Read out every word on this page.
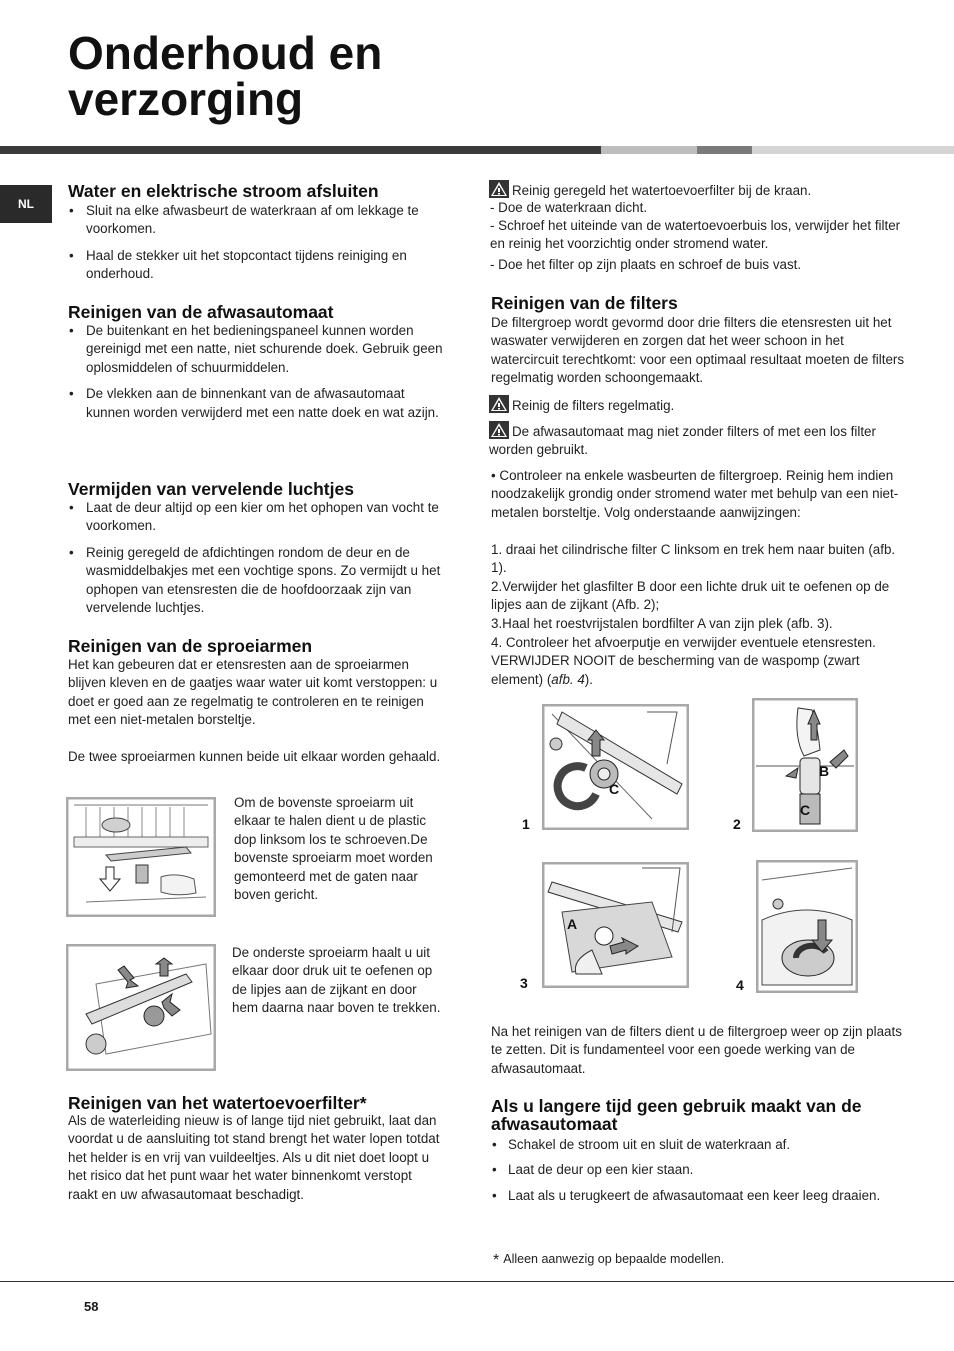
Onderhoud en verzorging
NL
Water en elektrische stroom afsluiten
• Sluit na elke afwasbeurt de waterkraan af om lekkage te voorkomen.
• Haal de stekker uit het stopcontact tijdens reiniging en onderhoud.
Reinigen van de afwasautomaat
• De buitenkant en het bedieningspaneel kunnen worden gereinigd met een natte, niet schurende doek. Gebruik geen oplosmiddelen of schuurmiddelen.
• De vlekken aan de binnenkant van de afwasautomaat kunnen worden verwijderd met een natte doek en wat azijn.
Vermijden van vervelende luchtjes
• Laat de deur altijd op een kier om het ophopen van vocht te voorkomen.
• Reinig geregeld de afdichtingen rondom de deur en de wasmiddelbakjes met een vochtige spons. Zo vermijdt u het ophopen van etensresten die de hoofdoorzaak zijn van vervelende luchtjes.
Reinigen van de sproeiarmen
Het kan gebeuren dat er etensresten aan de sproeiarmen blijven kleven en de gaatjes waar water uit komt verstoppen: u doet er goed aan ze regelmatig te controleren en te reinigen met een niet-metalen borsteltje.
De twee sproeiarmen kunnen beide uit elkaar worden gehaald.
Om de bovenste sproeiarm uit elkaar te halen dient u de plastic dop linksom los te schroeven.De bovenste sproeiarm moet worden gemonteerd met de gaten naar boven gericht.
De onderste sproeiarm haalt u uit elkaar door druk uit te oefenen op de lipjes aan de zijkant en door hem daarna naar boven te trekken.
Reinigen van het watertoevoerfilter*
Als de waterleiding nieuw is of lange tijd niet gebruikt, laat dan voordat u de aansluiting tot stand brengt het water lopen totdat het helder is en vrij van vuildeeltjes. Als u dit niet doet loopt u het risico dat het punt waar het water binnenkomt verstopt raakt en uw afwasautomaat beschadigt.
Reinig geregeld het watertoevoerfilter bij de kraan.
- Doe de waterkraan dicht.
- Schroef het uiteinde van de watertoevoerbuis los, verwijder het filter en reinig het voorzichtig onder stromend water.
- Doe het filter op zijn plaats en schroef de buis vast.
Reinigen van de filters
De filtergroep wordt gevormd door drie filters die etensresten uit het waswater verwijderen en zorgen dat het weer schoon in het watercircuit terechtkomt: voor een optimaal resultaat moeten de filters regelmatig worden schoongemaakt.
Reinig de filters regelmatig.
De afwasautomaat mag niet zonder filters of met een los filter worden gebruikt.
• Controleer na enkele wasbeurten de filtergroep. Reinig hem indien noodzakelijk grondig onder stromend water met behulp van een niet-metalen borsteltje. Volg onderstaande aanwijzingen:
1. draai het cilindrische filter C linksom en trek hem naar buiten (afb. 1).
2.Verwijder het glasfilter B door een lichte druk uit te oefenen op de lipjes aan de zijkant (Afb. 2);
3.Haal het roestvrijstalen bordfilter A van zijn plek (afb. 3).
4. Controleer het afvoerputje en verwijder eventuele etensresten. VERWIJDER NOOIT de bescherming van de waspomp (zwart element) (afb. 4).
1	2
3	4
C
B
C
A
Na het reinigen van de filters dient u de filtergroep weer op zijn plaats te zetten. Dit is fundamenteel voor een goede werking van de afwasautomaat.
Als u langere tijd geen gebruik maakt van de afwasautomaat
• Schakel de stroom uit en sluit de waterkraan af.
• Laat de deur op een kier staan.
• Laat als u terugkeert de afwasautomaat een keer leeg draaien.
* Alleen aanwezig op bepaalde modellen.
58
